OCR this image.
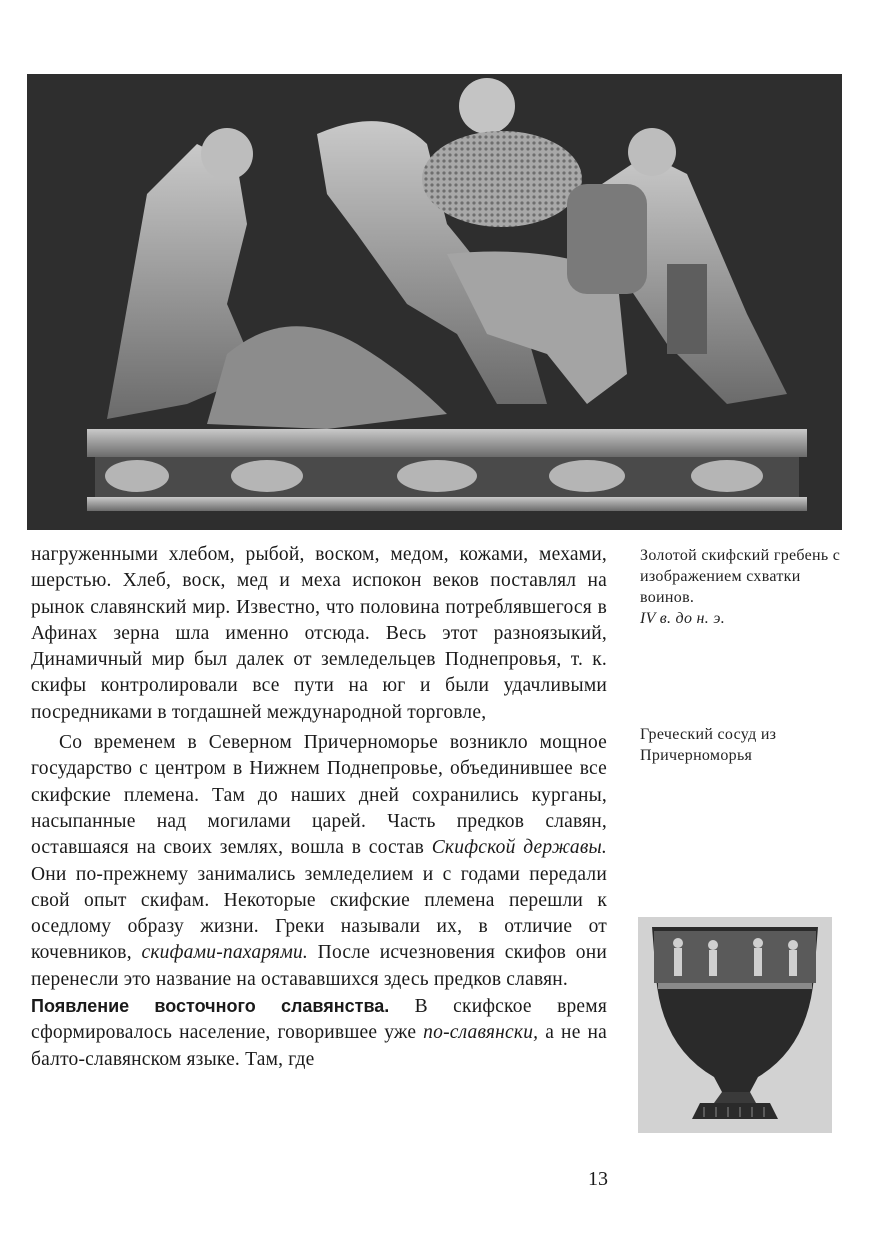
нагруженными хлебом, рыбой, воском, медом, кожами, мехами, шерстью. Хлеб, воск, мед и меха испокон веков поставлял на рынок славянский мир. Известно, что половина потреблявшегося в Афинах зерна шла именно отсюда. Весь этот разноязыкий, Динамичный мир был далек от земледельцев Поднепровья, т. к. скифы контролировали все пути на юг и были удачливыми посредниками в тогдашней международной торговле,

Со временем в Северном Причерноморье возникло мощное государство с центром в Нижнем Поднепровье, объединившее все скифские племена. Там до наших дней сохранились курганы, насыпанные над могилами царей. Часть предков славян, оставшаяся на своих землях, вошла в состав Скифской державы. Они по-прежнему занимались земледелием и с годами передали свой опыт скифам. Некоторые скифские племена перешли к оседлому образу жизни. Греки называли их, в отличие от кочевников, скифами-пахарями. После исчезновения скифов они перенесли это название на остававшихся здесь предков славян.

Появление восточного славянства. В скифское время сформировалось население, говорившее уже по-славянски, а не на балто-славянском языке. Там, где

Золотой скифский гребень с изображением схватки воинов.
IV в. до н. э.
Греческий сосуд из Причерноморья
13
